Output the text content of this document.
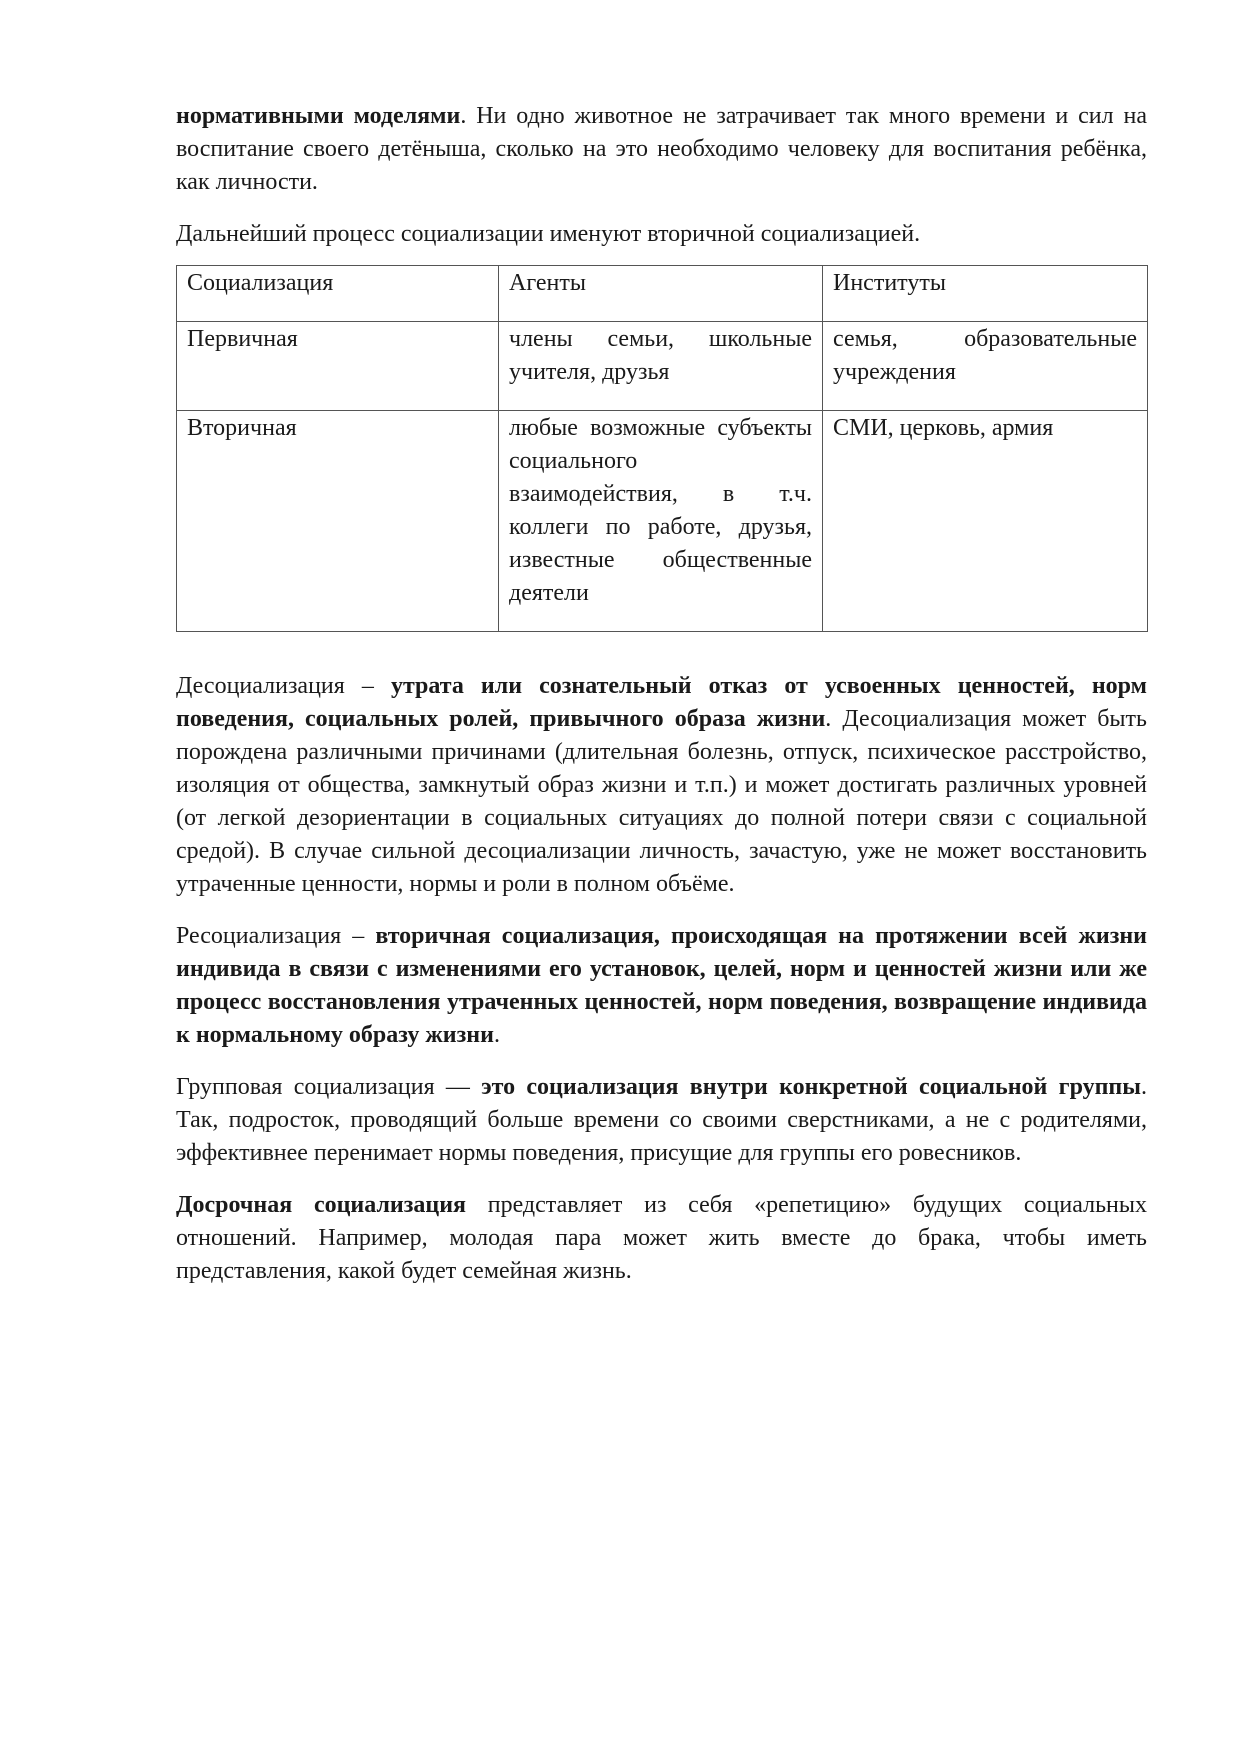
нормативными моделями. Ни одно животное не затрачивает так много времени и сил на воспитание своего детёныша, сколько на это необходимо человеку для воспитания ребёнка, как личности.

Дальнейший процесс социализации именуют вторичной социализацией.

Социализация	Агенты	Институты
Первичная	члены семьи, школьные учителя, друзья	семья, образовательные учреждения
Вторичная	любые возможные субъекты социального взаимодействия, в т.ч. коллеги по работе, друзья, известные общественные деятели	СМИ, церковь, армия

Десоциализация – утрата или сознательный отказ от усвоенных ценностей, норм поведения, социальных ролей, привычного образа жизни. Десоциализация может быть порождена различными причинами (длительная болезнь, отпуск, психическое расстройство, изоляция от общества, замкнутый образ жизни и т.п.) и может достигать различных уровней (от легкой дезориентации в социальных ситуациях до полной потери связи с социальной средой). В случае сильной десоциализации личность, зачастую, уже не может восстановить утраченные ценности, нормы и роли в полном объёме.

Ресоциализация – вторичная социализация, происходящая на протяжении всей жизни индивида в связи с изменениями его установок, целей, норм и ценностей жизни или же процесс восстановления утраченных ценностей, норм поведения, возвращение индивида к нормальному образу жизни.

Групповая социализация — это социализация внутри конкретной социальной группы. Так, подросток, проводящий больше времени со своими сверстниками, а не с родителями, эффективнее перенимает нормы поведения, присущие для группы его ровесников.

Досрочная социализация представляет из себя «репетицию» будущих социальных отношений. Например, молодая пара может жить вместе до брака, чтобы иметь представления, какой будет семейная жизнь.
